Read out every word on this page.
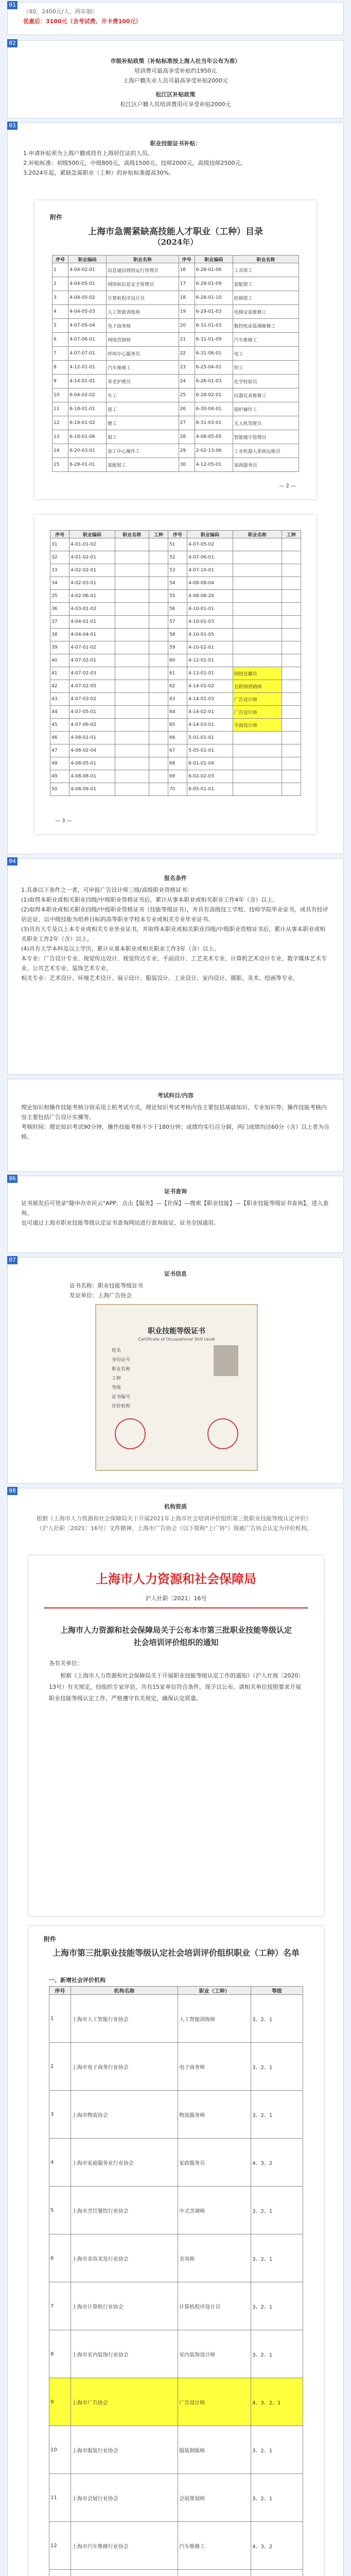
（40，2400元/人，两年制）
优惠后：3100元（含考试费、开卡费100元）
01
市级补贴政策（补贴标准按上海人社当年公布为准）
培训费可最高享受补贴约1950元
上海户籍失业人员可最高享受补贴2000元
松江区补贴政策
松江区户籍人员培训费用可享受补贴2000元
02
职业技能证书补贴：
1.申请补贴须为上海户籍或持有上海居住证的人员。
2.补贴标准：初级500元，中级800元，高级1500元，技师2000元，高级技师2500元。
3.2024年起，紧缺急需职业（工种）的补贴标准提高30%。
附件
上海市急需紧缺高技能人才职业（工种）目录
（2024年）
序号	职业编码	职业名称	序号	职业编码	职业名称
1	4-04-02-01	信息通信网络运行管理员	16	6-28-01-06	工具钳工
2	4-04-05-01	网络和信息安全管理员	17	6-28-01-09	装配钳工
3	4-04-05-02	计算机程序设计员	18	6-28-01-10	机修钳工
4	4-04-05-03	人工智能训练师	19	6-29-01-03	电梯安装维修工
5	4-07-05-04	电子商务师	20	6-31-01-03	数控机床装调维修工
6	4-07-06-01	网络营销师	21	6-31-01-09	汽车维修工
7	4-07-07-01	呼叫中心服务员	22	6-31-06-01	电工
8	4-12-01-01	汽车维修工	23	6-25-04-01	焊工
9	4-14-01-01	养老护理员	24	6-26-01-03	化学检验员
10	6-04-02-02	车工	25	6-28-02-01	仪器仪表维修工
11	6-18-01-01	铣工	26	6-30-04-01	锅炉操作工
12	6-18-01-02	磨工	27	6-31-03-01	无人机驾驶员
13	6-18-01-06	钳工	28	4-08-05-05	智能楼宇管理员
14	6-20-03-01	加工中心操作工	29	2-02-13-06	工业机器人系统运维员
15	6-28-01-01	装配钳工	30	4-12-05-01	家政服务员
— 2 —
序号	职业编码	职业名称	工种	序号	职业编码	职业名称	工种
31	4-01-01-02			51	4-07-05-02		
32	4-01-02-01			52	4-07-06-01		
33	4-02-02-01			53	4-07-10-01		
34	4-02-03-01			54	4-08-08-04		
35	4-02-06-01			55	4-08-08-20		
36	4-03-01-02			56	4-10-01-01		
37	4-04-01-01			57	4-10-01-03		
38	4-04-04-01			58	4-10-01-05		
39	4-07-01-02			59	4-10-02-01		
40	4-07-02-01			60	4-12-01-01		
41	4-07-02-03			61	4-13-01-01	网络直播员	
42	4-07-02-05			62	4-14-01-02	互联网营销师	
43	4-07-03-02			63	4-14-01-03	广告设计师	
44	4-07-05-01			64	4-14-02-01	广告设计师	
45	4-07-06-02			65	4-14-03-01	平面设计师	
46	4-08-01-01			66	5-01-01-01		
47	4-08-02-04			67	5-05-01-01		
48	4-08-05-01			68	6-01-01-04		
49	4-08-08-01			69	6-02-02-03		
50	4-08-09-01			70	6-05-01-01		
— 3 —
03
报名条件
1.具备以下条件之一者，可申报广告设计师三级/高级职业资格证书：
(1)取得本职业或相关职业四级/中级职业资格证书后，累计从事本职业或相关职业工作4年（含）以上。
(2)取得本职业或相关职业四级/中级职业资格证书（技能等级证书），并具有高级技工学校、技师学院毕业证书，或具有经评估论证、以中级技能为培养目标的高等职业学校本专业或相关专业毕业证书。
(3)具有大专及以上本专业或相关专业毕业证书，并取得本职业或相关职业四级/中级职业资格证书后，累计从事本职业或相关职业工作2年（含）以上。
(4)具有大学本科及以上学历，累计从事本职业或相关职业工作3年（含）以上。
本专业：广告设计专业、视觉传达设计、视觉传达专业、平面设计、工艺美术专业、计算机艺术设计专业、数字媒体艺术专业、公共艺术专业、装饰艺术专业。
相关专业：艺术设计、环境艺术设计、展示设计、服装设计、工业设计、室内设计、摄影、美术、绘画等专业。
04
考试科目/内容
理论知识和操作技能考核分别采用上机考试方式，理论知识考试考核内容主要包括基础知识、专业知识等；操作技能考核内容主要包括广告设计实操等。
考核时间：理论知识考试90分钟，操作技能考核不少于180分钟；成绩均实行百分制，两门成绩均达60分（含）以上者为合格。
证书查询
证书颁发后可登录"随申办市民云"APP，点击【服务】—【社保】—搜索【职业技能】—【职业技能等级证书查询】，进入查询。
也可通过上海市职业技能等级认定证书查询网站进行查询验证，证书全国通用。
06
证书信息
证书名称：职业技能等级证书
发证单位：上海广告协会
职业技能等级证书
Certificate of Occupational Skill Level
姓名
身份证号
职业名称
工种
等级
证书编号
评价机构
07
机构资质
根据《上海市人力资源和社会保障局关于开展2021年上海市社会培训评价组织第三批职业技能等级认定评价》（沪人社职〔2021〕16号）文件精神，上海市广告协会（以下简称"上广协"）现被广告协会认定为评价机构。
上海市人力资源和社会保障局
沪人社职〔2021〕16号
上海市人力资源和社会保障局关于公布本市第三批职业技能等级认定社会培训评价组织的通知
各有关单位：
根据《上海市人力资源和社会保障局关于开展职业技能等级认定工作的通知》（沪人社规〔2020〕13号）有关规定，经组织专家评估，共有15家单位符合条件，现予以公布。请相关单位按照要求开展职业技能等级认定工作，严格遵守有关规定，确保认定质量。
附件
上海市第三批职业技能等级认定社会培训评价组织职业（工种）名单
一、新增社会评价机构
序号	机构名称	职业（工种）	等级
1	上海市人工智能行业协会	人工智能训练师	3、2、1
2	上海市电子商务行业协会	电子商务师	3、2、1
3	上海市物流协会	物流服务师	3、2、1
4	上海市家庭服务业行业协会	家政服务员	4、3、2
5	上海市烹饪餐饮行业协会	中式烹调师	3、2、1
6	上海市美容美发行业协会	美容师	3、2、1
7	上海市计算机行业协会	计算机程序设计员	3、2、1
8	上海市室内装饰行业协会	室内装饰设计师	3、2、1
9	上海市广告协会	广告设计师	4、3、2、1
10	上海市服装行业协会	服装制版师	3、2、1
11	上海市会展行业协会	会展策划师	3、2、1
12	上海市汽车维修行业协会	汽车维修工	4、3、2

08
